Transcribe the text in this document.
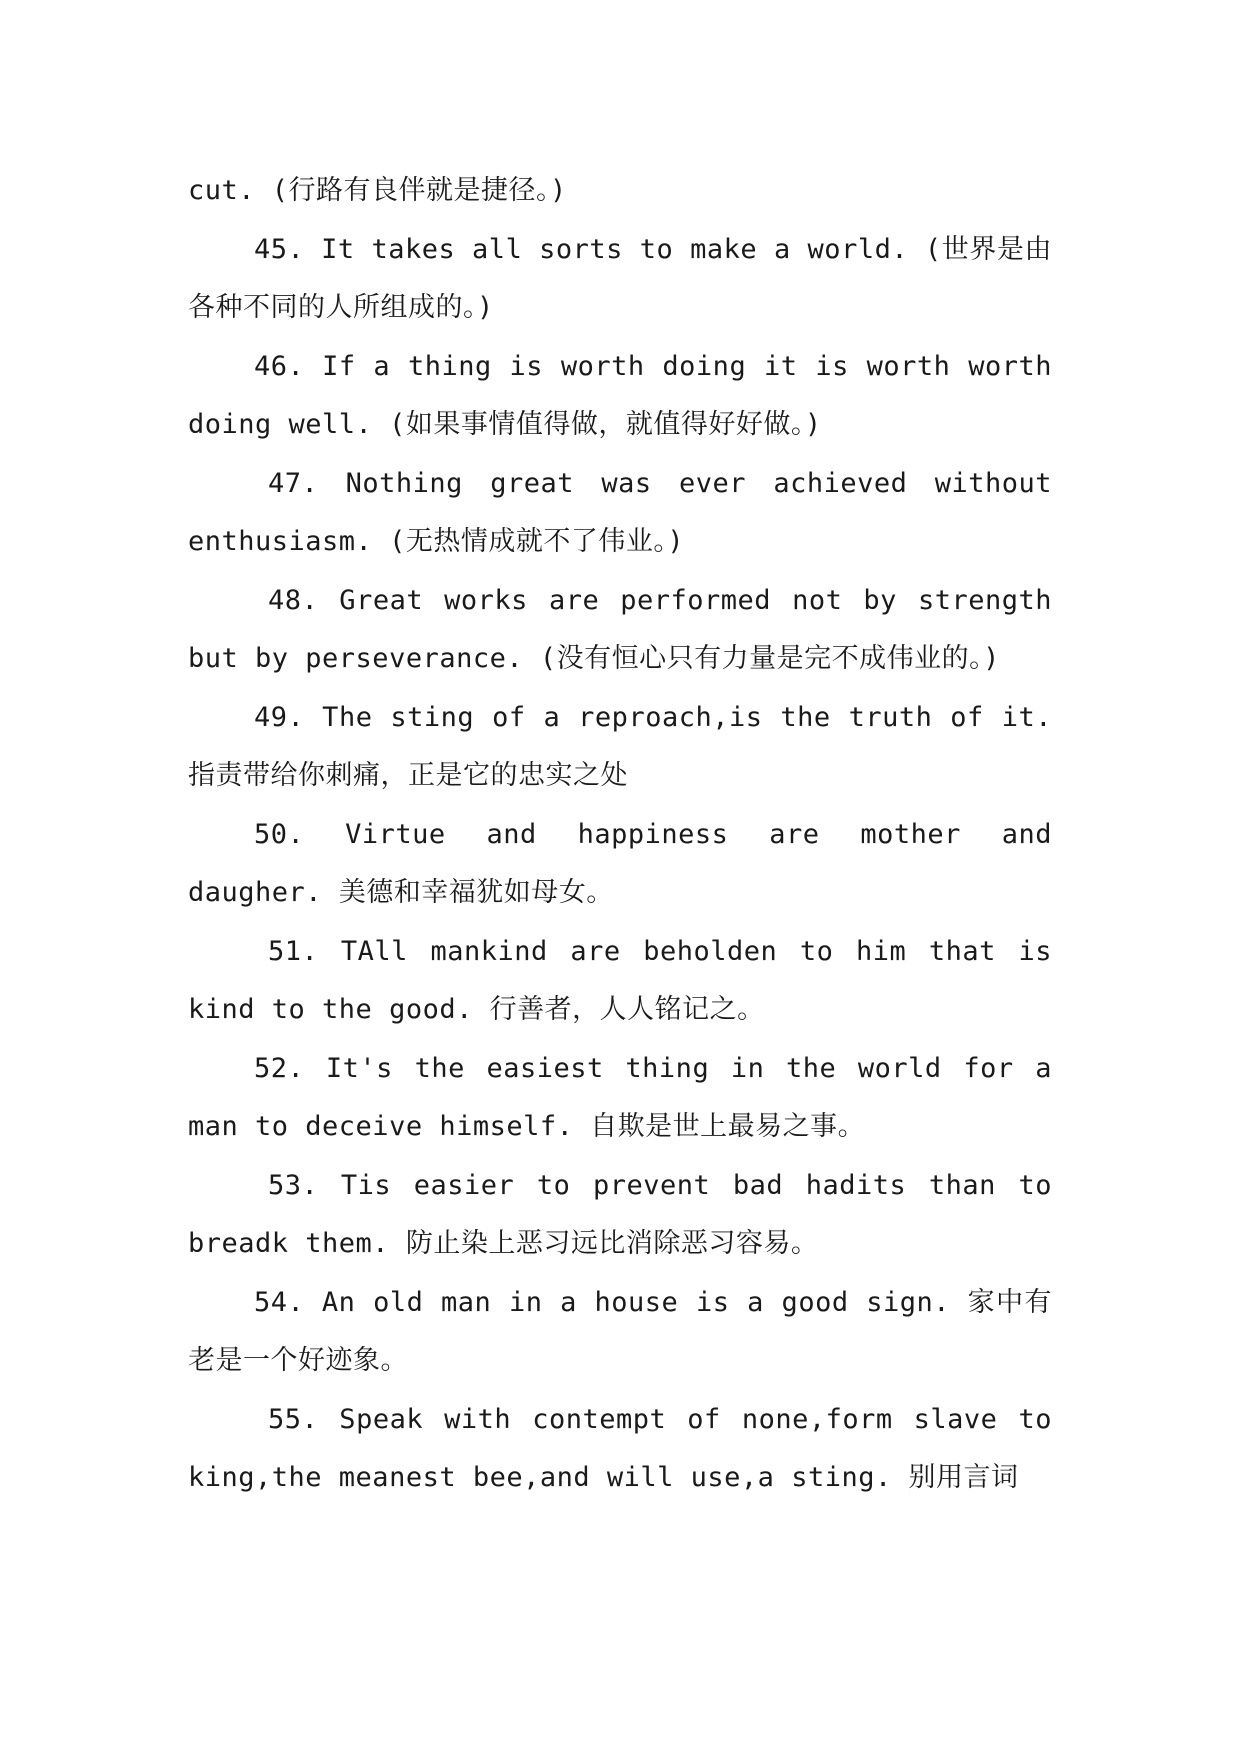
cut. (行路有良伴就是捷径。)

45. It takes all sorts to make a world. (世界是由各种不同的人所组成的。)

46. If a thing is worth doing it is worth worth doing well. (如果事情值得做，就值得好好做。)

47. Nothing great was ever achieved without enthusiasm. (无热情成就不了伟业。)

48. Great works are performed not by strength but by perseverance. (没有恒心只有力量是完不成伟业的。)

49. The sting of a reproach,is the truth of it. 指责带给你刺痛，正是它的忠实之处

50. Virtue and happiness are mother and daugher. 美德和幸福犹如母女。

51. TAll mankind are beholden to him that is kind to the good. 行善者，人人铭记之。

52. It's the easiest thing in the world for a man to deceive himself. 自欺是世上最易之事。

53. Tis easier to prevent bad hadits than to breadk them. 防止染上恶习远比消除恶习容易。

54. An old man in a house is a good sign. 家中有老是一个好迹象。

55. Speak with contempt of none,form slave to king,the meanest bee,and will use,a sting. 别用言词
